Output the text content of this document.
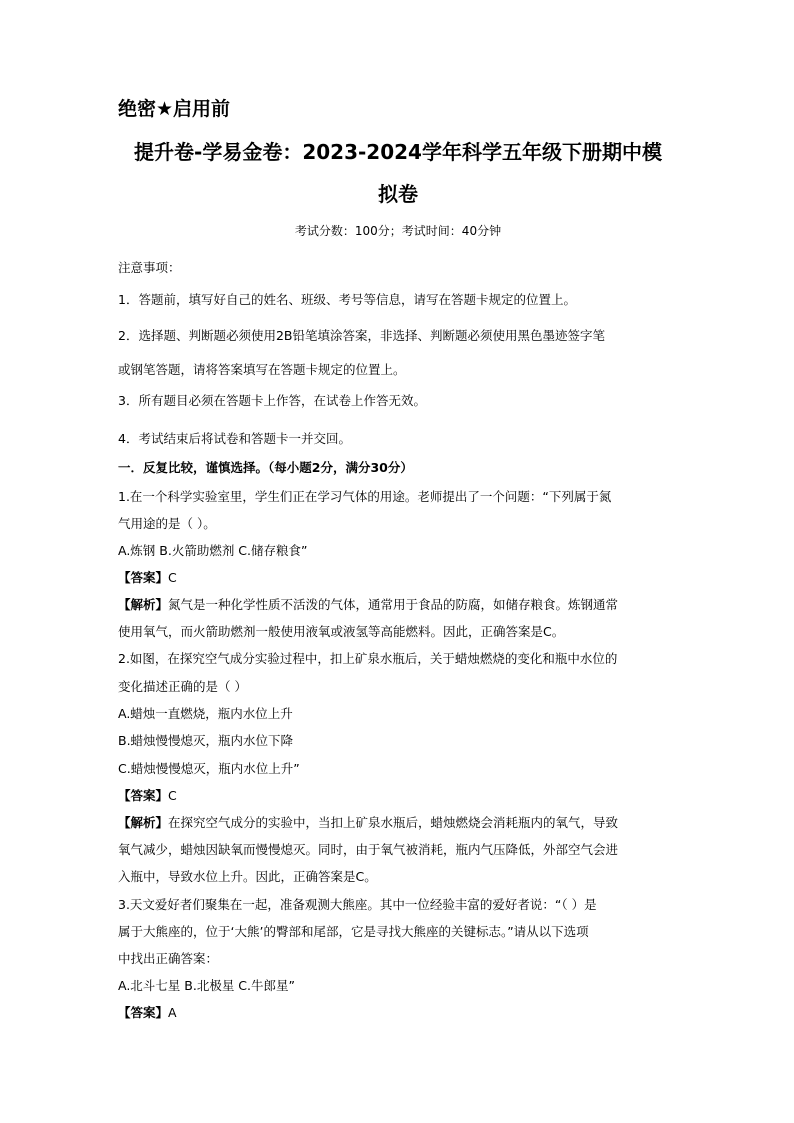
绝密★启用前
提升卷-学易金卷：2023-2024学年科学五年级下册期中模
拟卷
考试分数：100分；考试时间：40分钟
注意事项：
1．答题前，填写好自己的姓名、班级、考号等信息，请写在答题卡规定的位置上。
2．选择题、判断题必须使用2B铅笔填涂答案，非选择、判断题必须使用黑色墨迹签字笔
或钢笔答题，请将答案填写在答题卡规定的位置上。
3．所有题目必须在答题卡上作答，在试卷上作答无效。
4．考试结束后将试卷和答题卡一并交回。
一．反复比较，谨慎选择。（每小题2分，满分30分）
1.在一个科学实验室里，学生们正在学习气体的用途。老师提出了一个问题：“下列属于氮
气用途的是（ ）。
A.炼钢 B.火箭助燃剂 C.储存粮食”
【答案】C
【解析】氮气是一种化学性质不活泼的气体，通常用于食品的防腐，如储存粮食。炼钢通常
使用氧气，而火箭助燃剂一般使用液氧或液氢等高能燃料。因此，正确答案是C。
2.如图，在探究空气成分实验过程中，扣上矿泉水瓶后，关于蜡烛燃烧的变化和瓶中水位的
变化描述正确的是（ ）
A.蜡烛一直燃烧，瓶内水位上升
B.蜡烛慢慢熄灭，瓶内水位下降
C.蜡烛慢慢熄灭，瓶内水位上升”
【答案】C
【解析】在探究空气成分的实验中，当扣上矿泉水瓶后，蜡烛燃烧会消耗瓶内的氧气，导致
氧气减少，蜡烛因缺氧而慢慢熄灭。同时，由于氧气被消耗，瓶内气压降低，外部空气会进
入瓶中，导致水位上升。因此，正确答案是C。
3.天文爱好者们聚集在一起，准备观测大熊座。其中一位经验丰富的爱好者说：“（ ）是
属于大熊座的，位于‘大熊’的臀部和尾部，它是寻找大熊座的关键标志。”请从以下选项
中找出正确答案：
A.北斗七星 B.北极星 C.牛郎星”
【答案】A
